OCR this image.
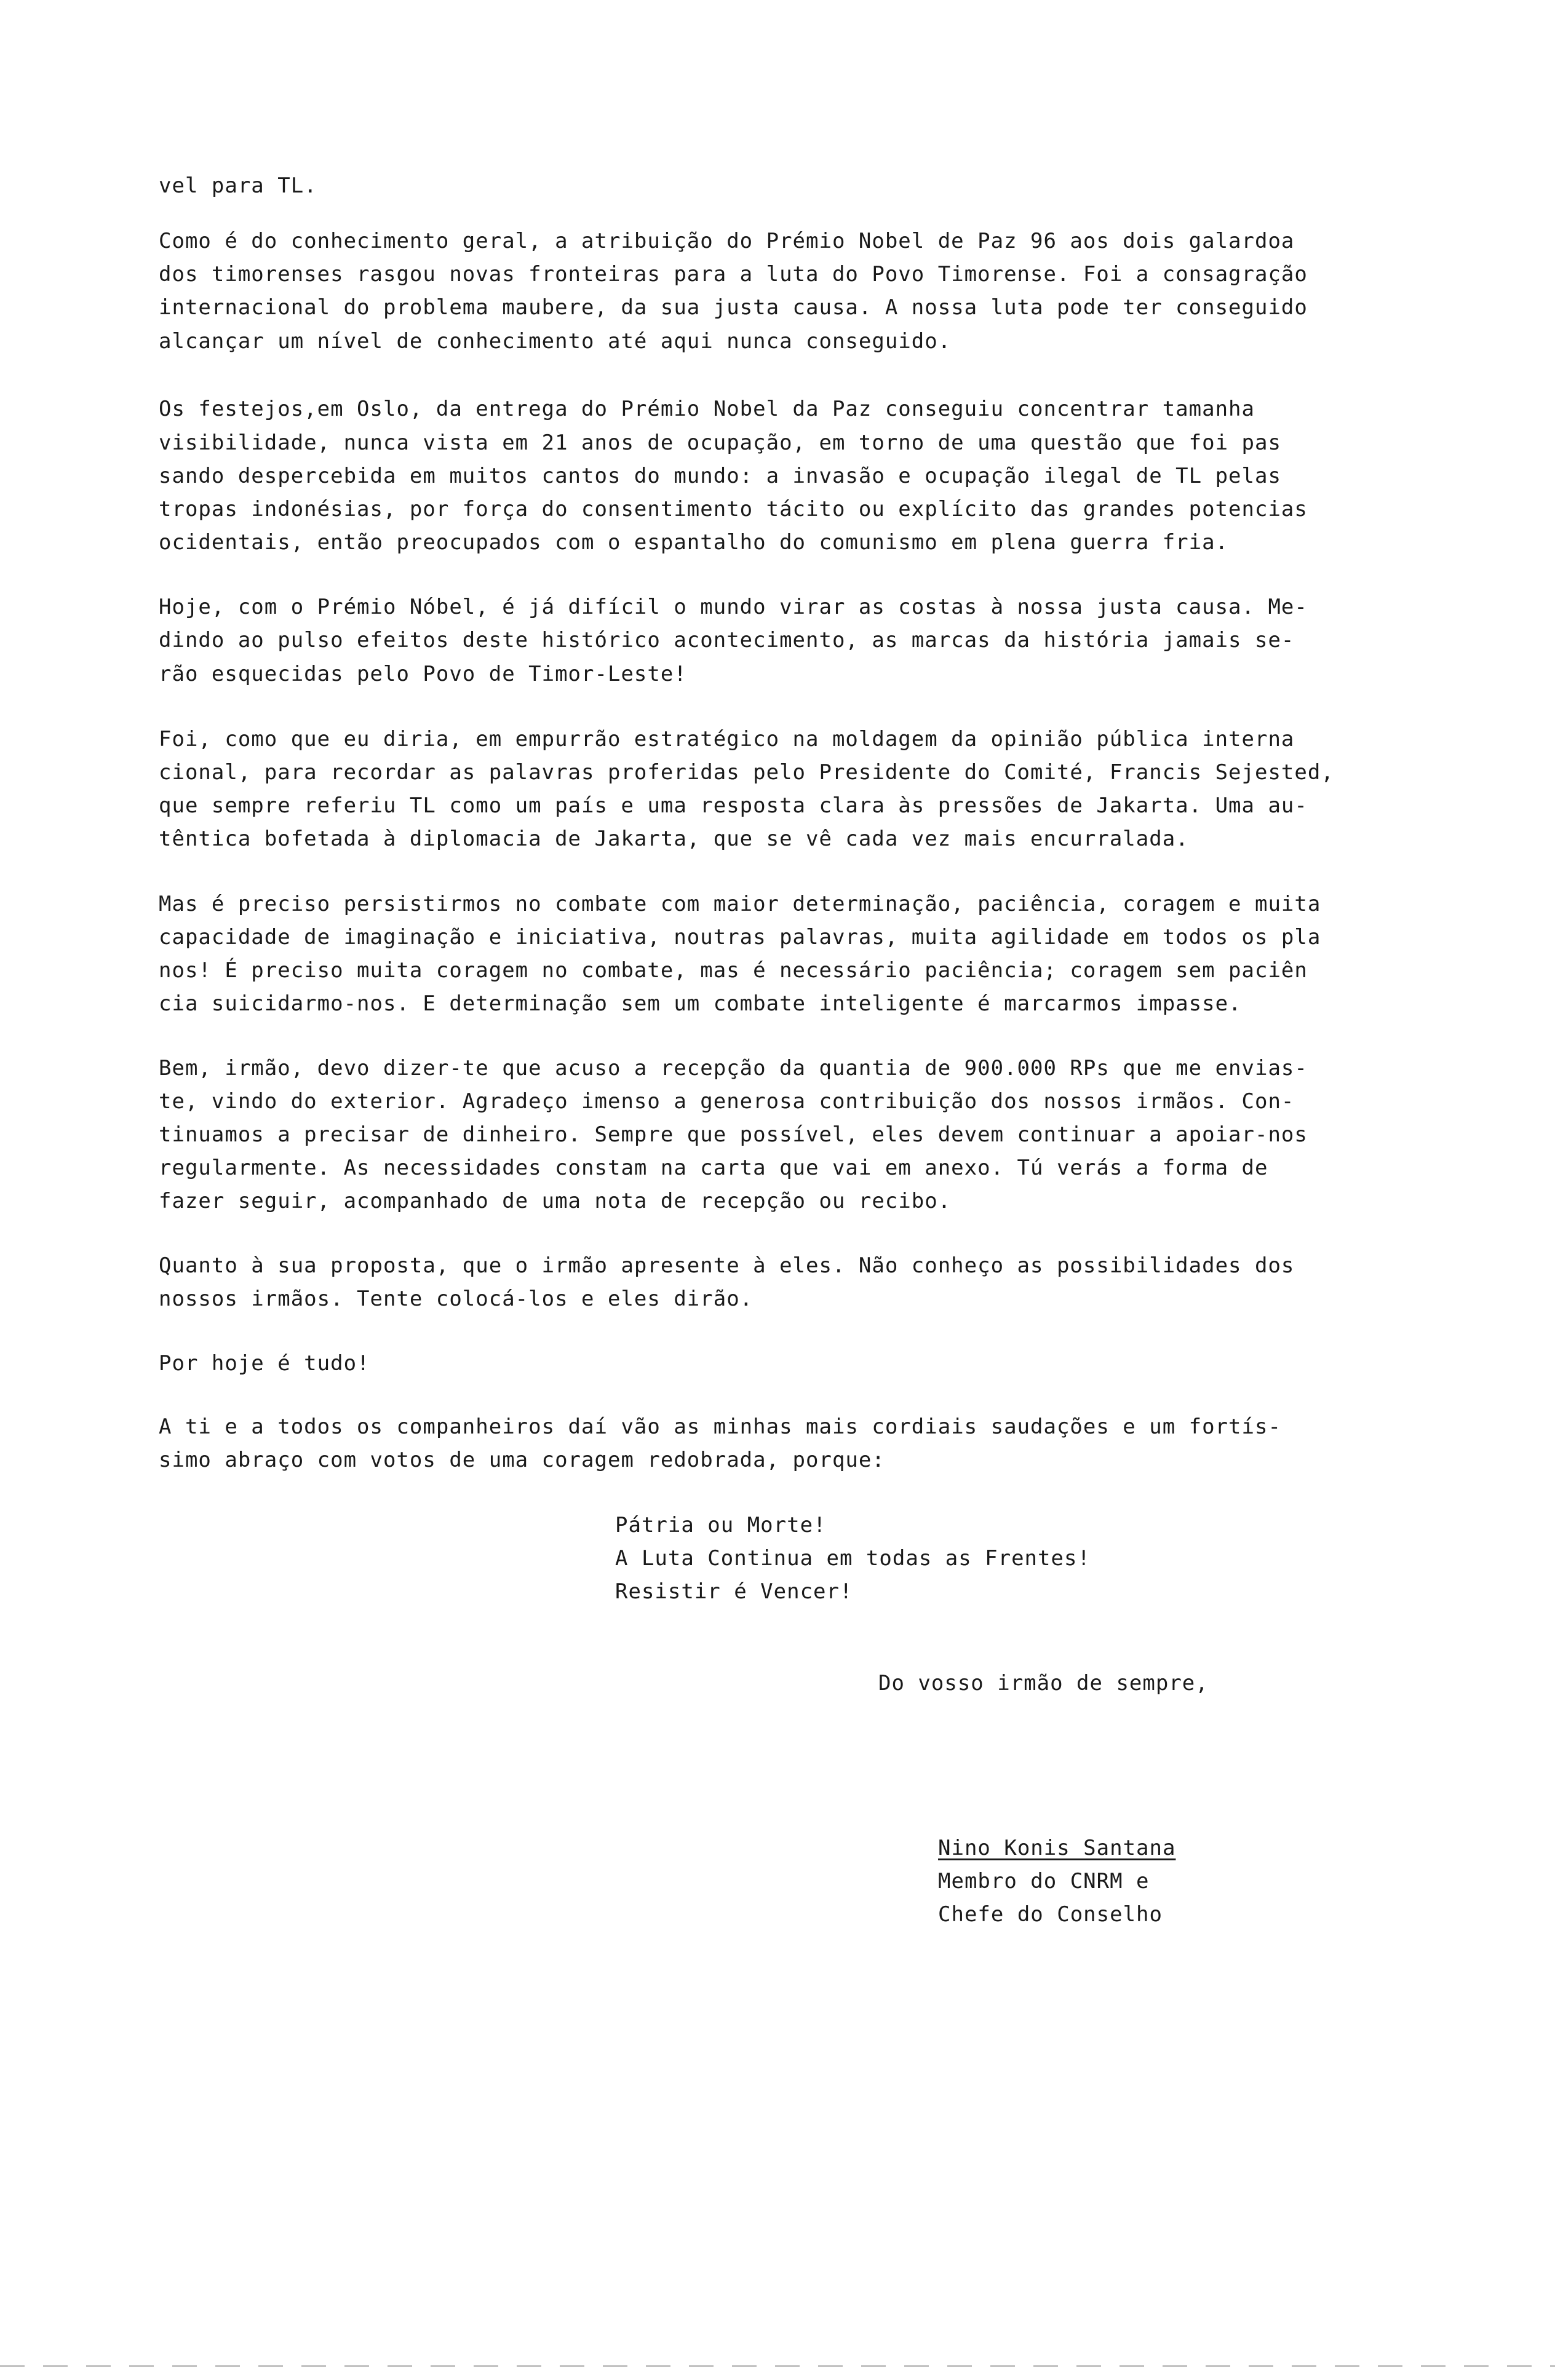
vel para TL.
Como é do conhecimento geral, a atribuição do Prémio Nobel de Paz 96 aos dois galardoa
dos timorenses rasgou novas fronteiras para a luta do Povo Timorense. Foi a consagração
internacional do problema maubere, da sua justa causa. A nossa luta pode ter conseguido
alcançar um nível de conhecimento até aqui nunca conseguido.
Os festejos,em Oslo, da entrega do Prémio Nobel da Paz conseguiu concentrar tamanha
visibilidade, nunca vista em 21 anos de ocupação, em torno de uma questão que foi pas
sando despercebida em muitos cantos do mundo: a invasão e ocupação ilegal de TL pelas
tropas indonésias, por força do consentimento tácito ou explícito das grandes potencias
ocidentais, então preocupados com o espantalho do comunismo em plena guerra fria.
Hoje, com o Prémio Nóbel, é já difícil o mundo virar as costas à nossa justa causa. Me-
dindo ao pulso efeitos deste histórico acontecimento, as marcas da história jamais se-
rão esquecidas pelo Povo de Timor-Leste!
Foi, como que eu diria, em empurrão estratégico na moldagem da opinião pública interna
cional, para recordar as palavras proferidas pelo Presidente do Comité, Francis Sejested,
que sempre referiu TL como um país e uma resposta clara às pressões de Jakarta. Uma au-
têntica bofetada à diplomacia de Jakarta, que se vê cada vez mais encurralada.
Mas é preciso persistirmos no combate com maior determinação, paciência, coragem e muita
capacidade de imaginação e iniciativa, noutras palavras, muita agilidade em todos os pla
nos! É preciso muita coragem no combate, mas é necessário paciência; coragem sem paciên
cia suicidarmo-nos. E determinação sem um combate inteligente é marcarmos impasse.
Bem, irmão, devo dizer-te que acuso a recepção da quantia de 900.000 RPs que me envias-
te, vindo do exterior. Agradeço imenso a generosa contribuição dos nossos irmãos. Con-
tinuamos a precisar de dinheiro. Sempre que possível, eles devem continuar a apoiar-nos
regularmente. As necessidades constam na carta que vai em anexo. Tú verás a forma de
fazer seguir, acompanhado de uma nota de recepção ou recibo.
Quanto à sua proposta, que o irmão apresente à eles. Não conheço as possibilidades dos
nossos irmãos. Tente colocá-los e eles dirão.
Por hoje é tudo!
A ti e a todos os companheiros daí vão as minhas mais cordiais saudações e um fortís-
simo abraço com votos de uma coragem redobrada, porque:
Pátria ou Morte!
A Luta Continua em todas as Frentes!
Resistir é Vencer!
Do vosso irmão de sempre,
Nino Konis Santana
Membro do CNRM e
Chefe do Conselho
